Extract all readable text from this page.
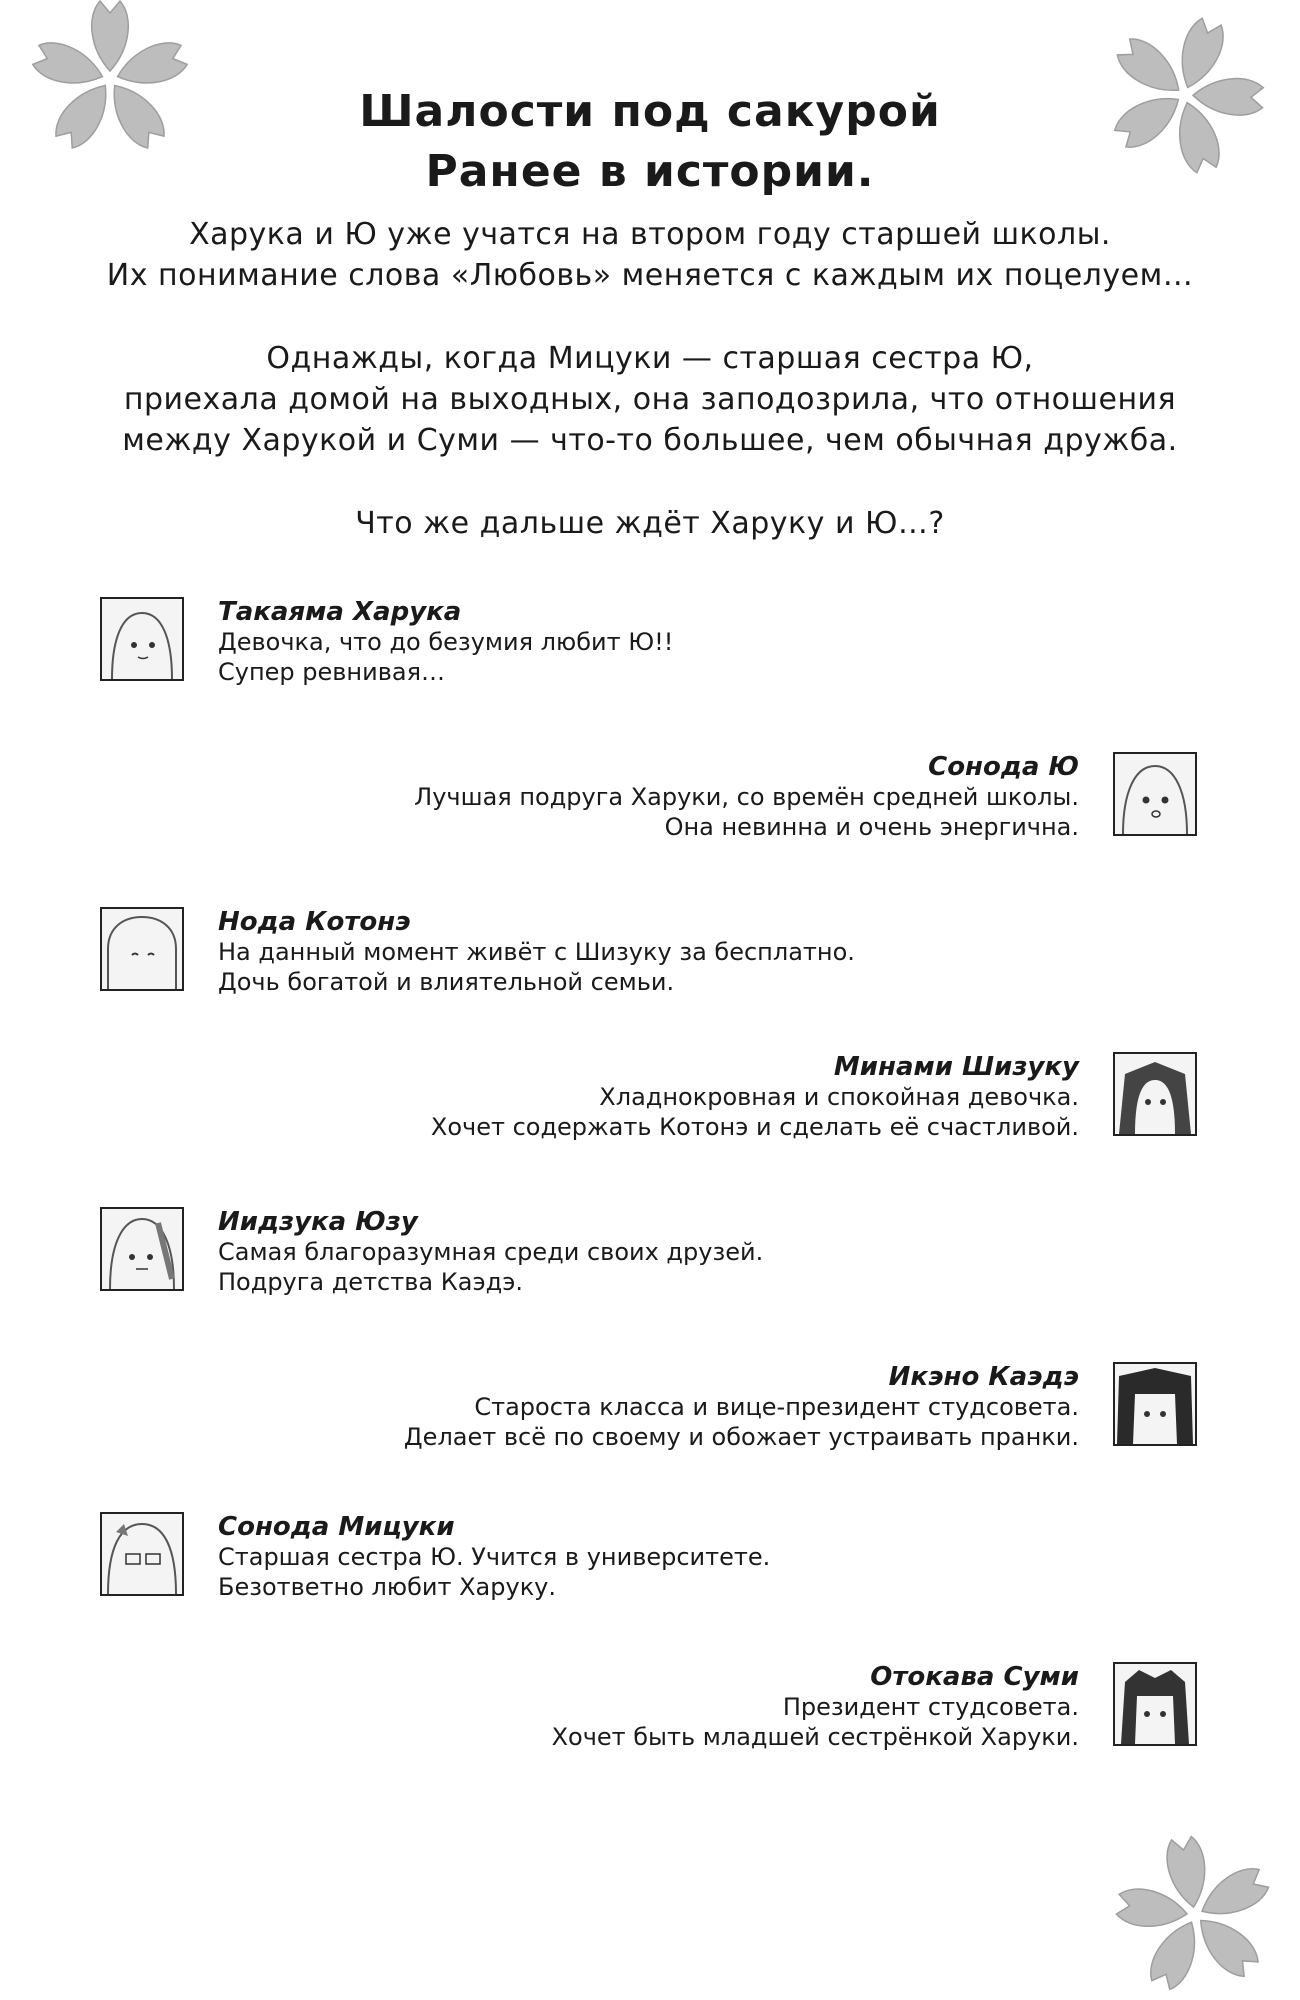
Шалости под сакурой
Ранее в истории.
Харука и Ю уже учатся на втором году старшей школы.
Их понимание слова «Любовь» меняется с каждым их поцелуем…
Однажды, когда Мицуки — старшая сестра Ю,
приехала домой на выходных, она заподозрила, что отношения
между Харукой и Суми — что-то большее, чем обычная дружба.
Что же дальше ждёт Харуку и Ю…?
Такаяма Харука
Девочка, что до безумия любит Ю!!
Супер ревнивая…
Сонода Ю
Лучшая подруга Харуки, со времён средней школы.
Она невинна и очень энергична.
Нода Котонэ
На данный момент живёт с Шизуку за бесплатно.
Дочь богатой и влиятельной семьи.
Минами Шизуку
Хладнокровная и спокойная девочка.
Хочет содержать Котонэ и сделать её счастливой.
Иидзука Юзу
Самая благоразумная среди своих друзей.
Подруга детства Каэдэ.
Икэно Каэдэ
Староста класса и вице-президент студсовета.
Делает всё по своему и обожает устраивать пранки.
Сонода Мицуки
Старшая сестра Ю. Учится в университете.
Безответно любит Харуку.
Отокава Суми
Президент студсовета.
Хочет быть младшей сестрёнкой Харуки.
